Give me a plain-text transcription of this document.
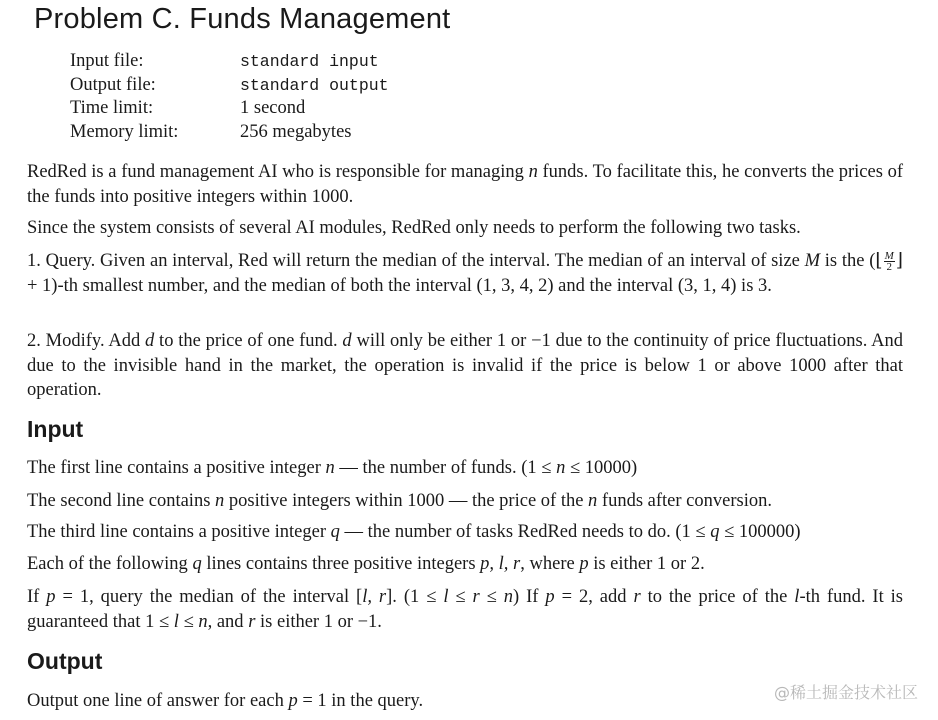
Problem C. Funds Management
Input file:	standard input
Output file:	standard output
Time limit:	1 second
Memory limit:	256 megabytes

RedRed is a fund management AI who is responsible for managing n funds. To facilitate this, he converts the prices of the funds into positive integers within 1000.

Since the system consists of several AI modules, RedRed only needs to perform the following two tasks.

1. Query. Given an interval, Red will return the median of the interval. The median of an interval of size M is the (⌊ $\frac{M}{2}$ ⌋ + 1)-th smallest number, and the median of both the interval (1, 3, 4, 2) and the interval (3, 1, 4) is 3.

2. Modify. Add d to the price of one fund. d will only be either 1 or −1 due to the continuity of price fluctuations. And due to the invisible hand in the market, the operation is invalid if the price is below 1 or above 1000 after that operation.

Input

The first line contains a positive integer n — the number of funds. (1 ≤ n ≤ 10000)

The second line contains n positive integers within 1000 — the price of the n funds after conversion.

The third line contains a positive integer q — the number of tasks RedRed needs to do. (1 ≤ q ≤ 100000)

Each of the following q lines contains three positive integers p, l, r, where p is either 1 or 2.

If p = 1, query the median of the interval [l, r]. (1 ≤ l ≤ r ≤ n) If p = 2, add r to the price of the l-th fund. It is guaranteed that 1 ≤ l ≤ n, and r is either 1 or −1.

Output

Output one line of answer for each p = 1 in the query.	@稀土掘金技术社区
